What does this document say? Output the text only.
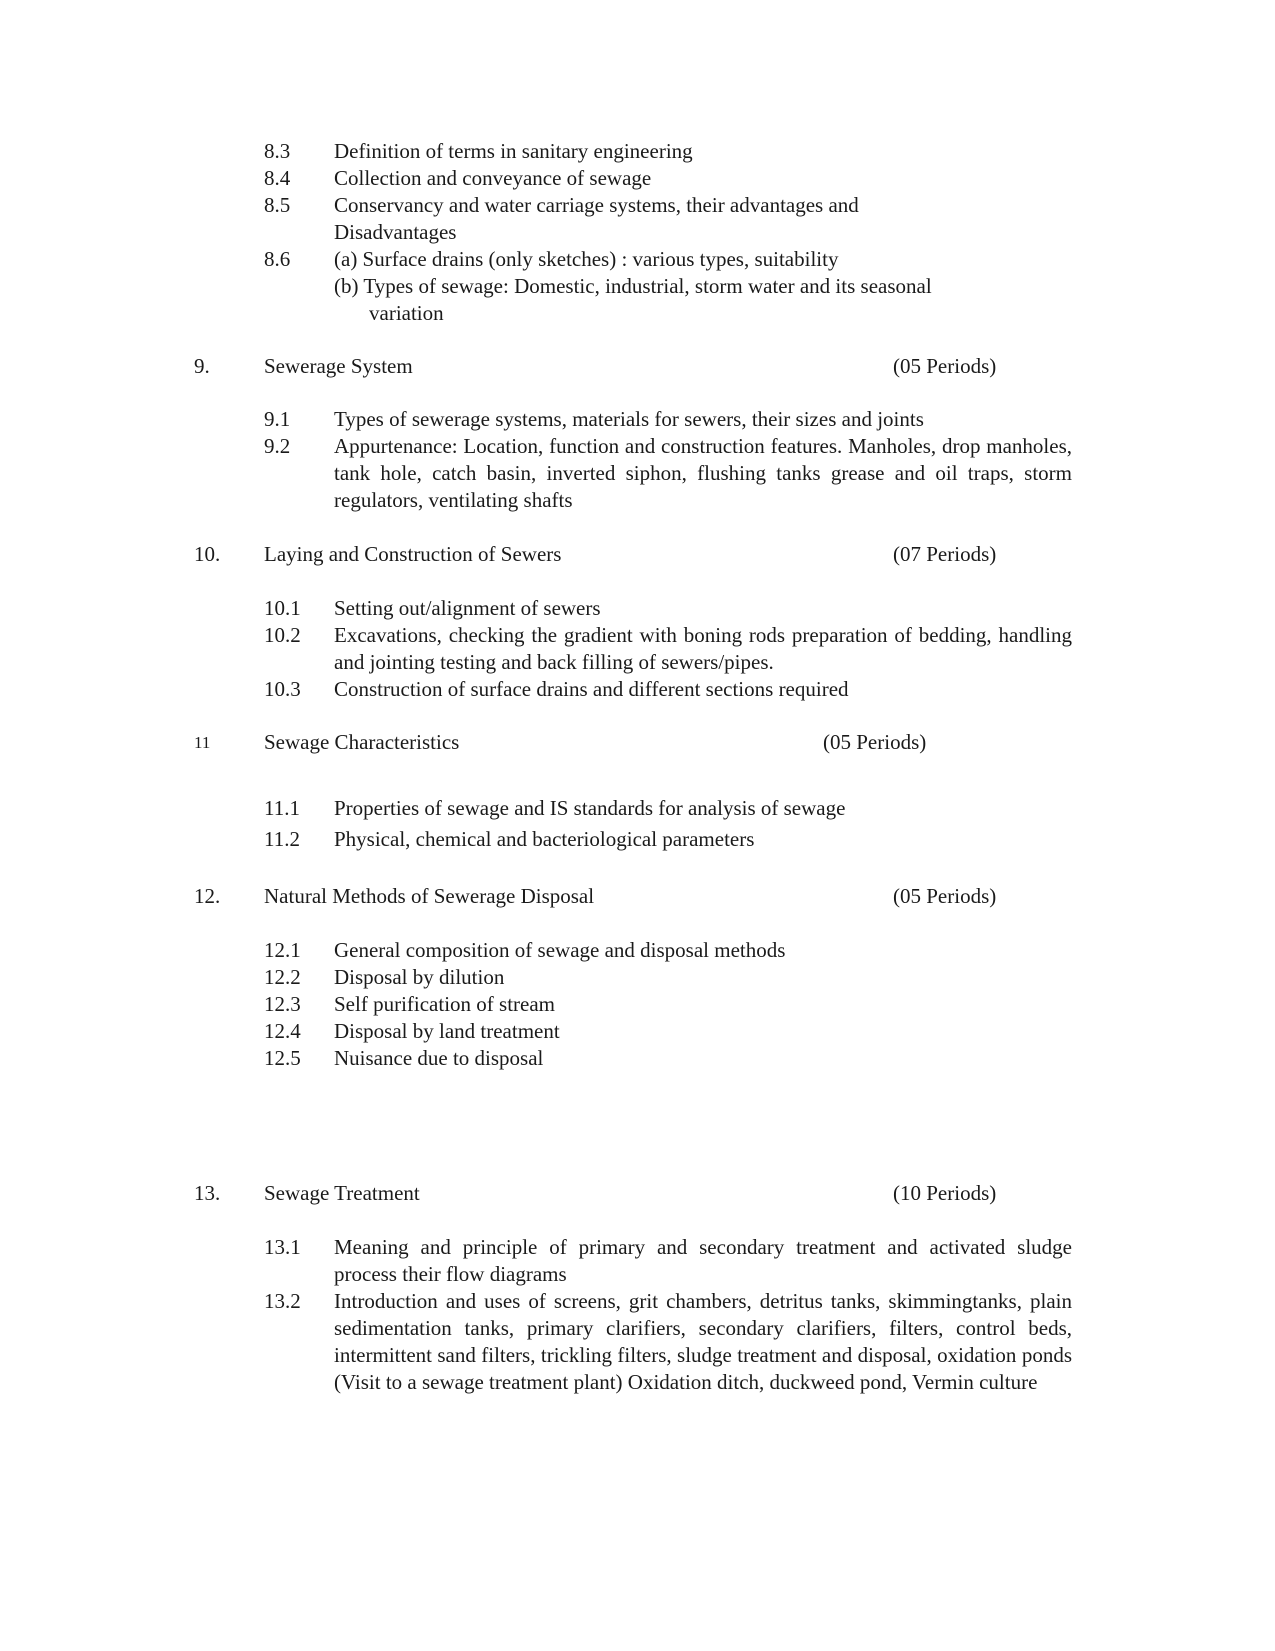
8.3 Definition of terms in sanitary engineering
8.4 Collection and conveyance of sewage
8.5 Conservancy and water carriage systems, their advantages and
Disadvantages
8.6 (a) Surface drains (only sketches) : various types, suitability
(b) Types of sewage: Domestic, industrial, storm water and its seasonal
variation
9.	Sewerage System	(05 Periods)
9.1 Types of sewerage systems, materials for sewers, their sizes and joints
9.2 Appurtenance: Location, function and construction features. Manholes, drop manholes, tank hole, catch basin, inverted siphon, flushing tanks grease and oil traps, storm regulators, ventilating shafts
10. Laying and Construction of Sewers	(07 Periods)
10.1 Setting out/alignment of sewers
10.2 Excavations, checking the gradient with boning rods preparation of bedding, handling and jointing testing and back filling of sewers/pipes.
10.3 Construction of surface drains and different sections required
11	Sewage Characteristics	(05 Periods)
11.1 Properties of sewage and IS standards for analysis of sewage
11.2 Physical, chemical and bacteriological parameters
12. Natural Methods of Sewerage Disposal	(05 Periods)
12.1 General composition of sewage and disposal methods
12.2 Disposal by dilution
12.3 Self purification of stream
12.4 Disposal by land treatment
12.5 Nuisance due to disposal
13. Sewage Treatment	(10 Periods)
13.1 Meaning and principle of primary and secondary treatment and activated sludge process their flow diagrams
13.2 Introduction and uses of screens, grit chambers, detritus tanks, skimmingtanks, plain sedimentation tanks, primary clarifiers, secondary clarifiers, filters, control beds, intermittent sand filters, trickling filters, sludge treatment and disposal, oxidation ponds (Visit to a sewage treatment plant) Oxidation ditch, duckweed pond, Vermin culture
